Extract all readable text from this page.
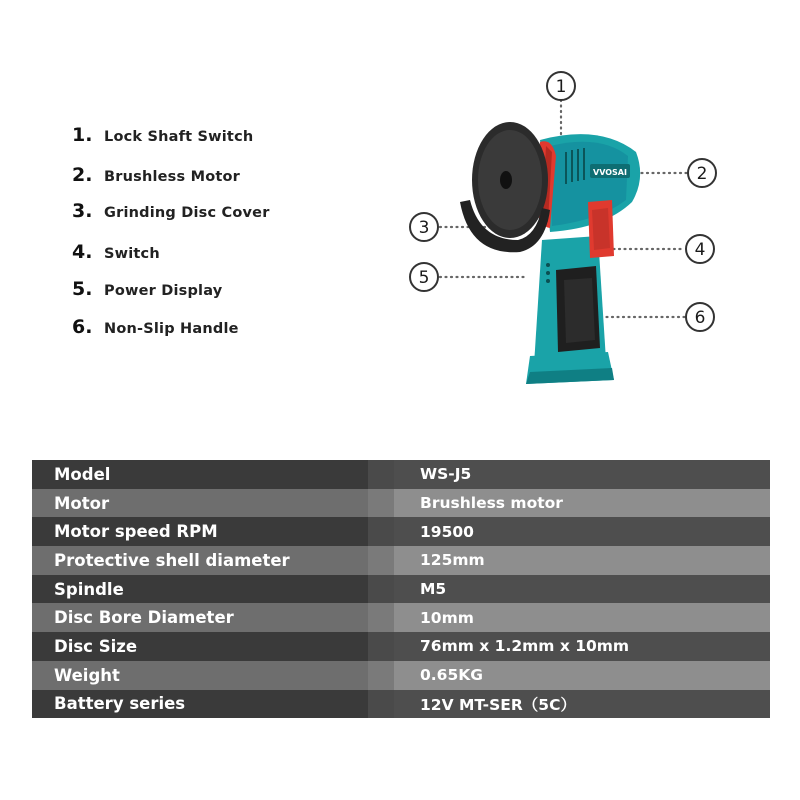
1. Lock Shaft Switch
2. Brushless Motor
3. Grinding Disc Cover
4. Switch
5. Power Display
6. Non-Slip Handle
VVOSAI
1
2
3
4
5
6
Model	WS-J5
Motor	Brushless motor
Motor speed RPM	19500
Protective shell diameter	125mm
Spindle	M5
Disc Bore Diameter	10mm
Disc Size	76mm x 1.2mm x 10mm
Weight	0.65KG
Battery series	12V MT-SER（5C）
